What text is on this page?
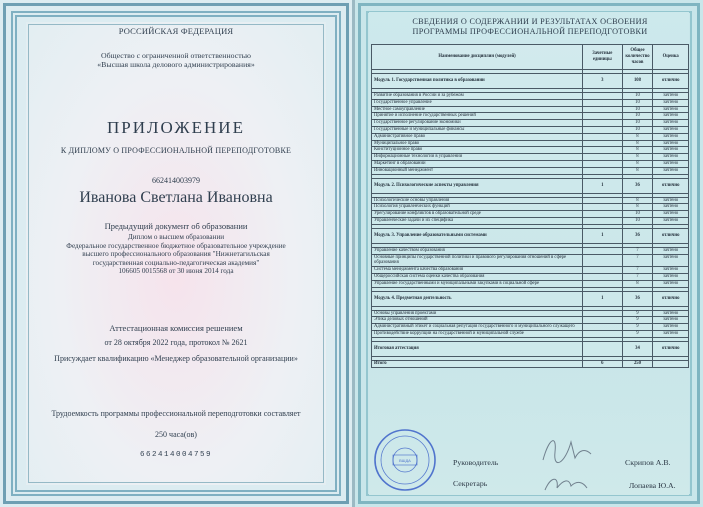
РОССИЙСКАЯ ФЕДЕРАЦИЯ
Общество с ограниченной ответственностью
«Высшая школа делового администрирования»
ПРИЛОЖЕНИЕ
К ДИПЛОМУ О ПРОФЕССИОНАЛЬНОЙ ПЕРЕПОДГОТОВКЕ
662414003979
Иванова Светлана Ивановна
Предыдущий документ об образовании
Диплом о высшем образовании
Федеральное государственное бюджетное образовательное учреждение
высшего профессионального образования "Нижнетагильская
государственная социально-педагогическая академия"
106605 0015568 от 30 июня 2014 года
Аттестационная комиссия решением
от 28 октября 2022 года, протокол № 2621
Присуждает квалификацию «Менеджер образовательной организации»
Трудоемкость программы профессиональной переподготовки составляет
250 часа(ов)
662414004759
СВЕДЕНИЯ О СОДЕРЖАНИИ И РЕЗУЛЬТАТАХ ОСВОЕНИЯ
ПРОГРАММЫ ПРОФЕССИОНАЛЬНОЙ ПЕРЕПОДГОТОВКИ
Наименование дисциплин (модулей)	Зачетные единицы	Общее количество часов	Оценка

Модуль 1. Государственная политика в образовании	3	108	отлично

Развитие образования в России и за рубежом		10	зачтено
Государственное управление		10	зачтено
Местное самоуправление		10	зачтено
Принятие и исполнение государственных решений		10	зачтено
Государственное регулирование экономики		10	зачтено
Государственные и муниципальные финансы		10	зачтено
Административное право		8	зачтено
Муниципальное право		8	зачтено
Конституционное право		8	зачтено
Информационные технологии в управлении		8	зачтено
Маркетинг в образовании		8	зачтено
Инновационный менеджмент		8	зачтено

Модуль 2. Психологические аспекты управления	1	36	отлично

Психологические основы управления		8	зачтено
Психология управленческих функций		8	зачтено
Урегулирование конфликтов в образовательной среде		10	зачтено
Управленческие задачи и их специфика		10	зачтено

Модуль 3. Управление образовательными системами	1	36	отлично

Управление качеством образования		7	зачтено
Основные принципы государственной политики и правового регулирования отношений в сфере образования		7	зачтено
Система менеджмента качества образования		7	зачтено
Общероссийская система оценки качества образования		7	зачтено
Управление государственными и муниципальными закупками в социальной сфере		8	зачтено

Модуль 4. Предметная деятельность	1	36	отлично

Основы управления проектами		9	зачтено
Этика деловых отношений		9	зачтено
Административный этикет и социальная репутация государственного и муниципального служащего		9	зачтено
Противодействие коррупции на государственной и муниципальной службе		9	зачтено

Итоговая аттестация		34	отлично

Итого	6	250	
ВШДА	Руководитель	Скрипов А.В.
Секретарь	Лопаева Ю.А.
